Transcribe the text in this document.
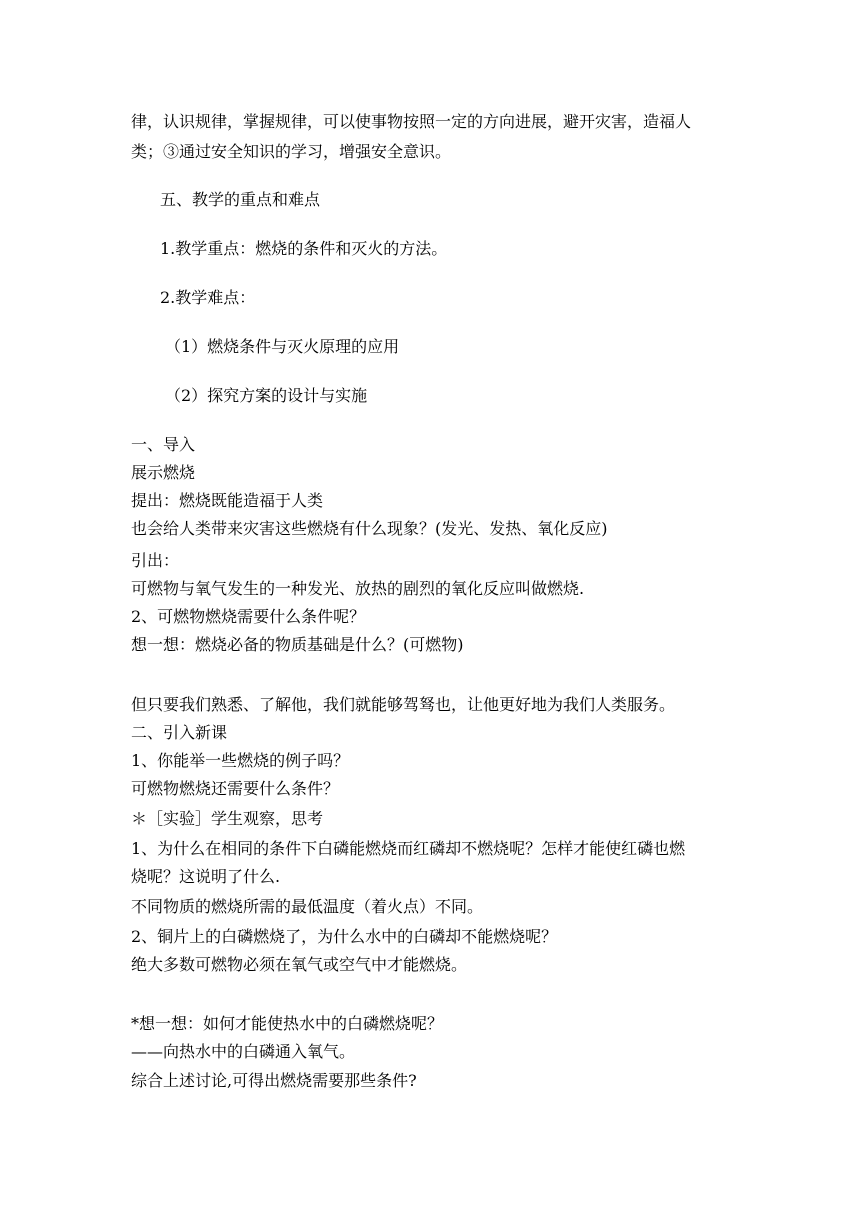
律，认识规律，掌握规律，可以使事物按照一定的方向进展，避开灾害，造福人
类；③通过安全知识的学习，增强安全意识。
五、教学的重点和难点
1.教学重点：燃烧的条件和灭火的方法。
2.教学难点：
（1）燃烧条件与灭火原理的应用
（2）探究方案的设计与实施
一、导入
展示燃烧
提出：燃烧既能造福于人类
也会给人类带来灾害这些燃烧有什么现象？(发光、发热、氧化反应)
引出：
可燃物与氧气发生的一种发光、放热的剧烈的氧化反应叫做燃烧.
2、可燃物燃烧需要什么条件呢？
想一想：燃烧必备的物质基础是什么？(可燃物)
但只要我们熟悉、了解他，我们就能够驾驽也，让他更好地为我们人类服务。
二、引入新课
1、你能举一些燃烧的例子吗？
可燃物燃烧还需要什么条件？
＊［实验］学生观察，思考
1、为什么在相同的条件下白磷能燃烧而红磷却不燃烧呢？怎样才能使红磷也燃
烧呢？这说明了什么.
不同物质的燃烧所需的最低温度（着火点）不同。
2、铜片上的白磷燃烧了，为什么水中的白磷却不能燃烧呢？
绝大多数可燃物必须在氧气或空气中才能燃烧。
*想一想：如何才能使热水中的白磷燃烧呢？
——向热水中的白磷通入氧气。
综合上述讨论,可得出燃烧需要那些条件?
